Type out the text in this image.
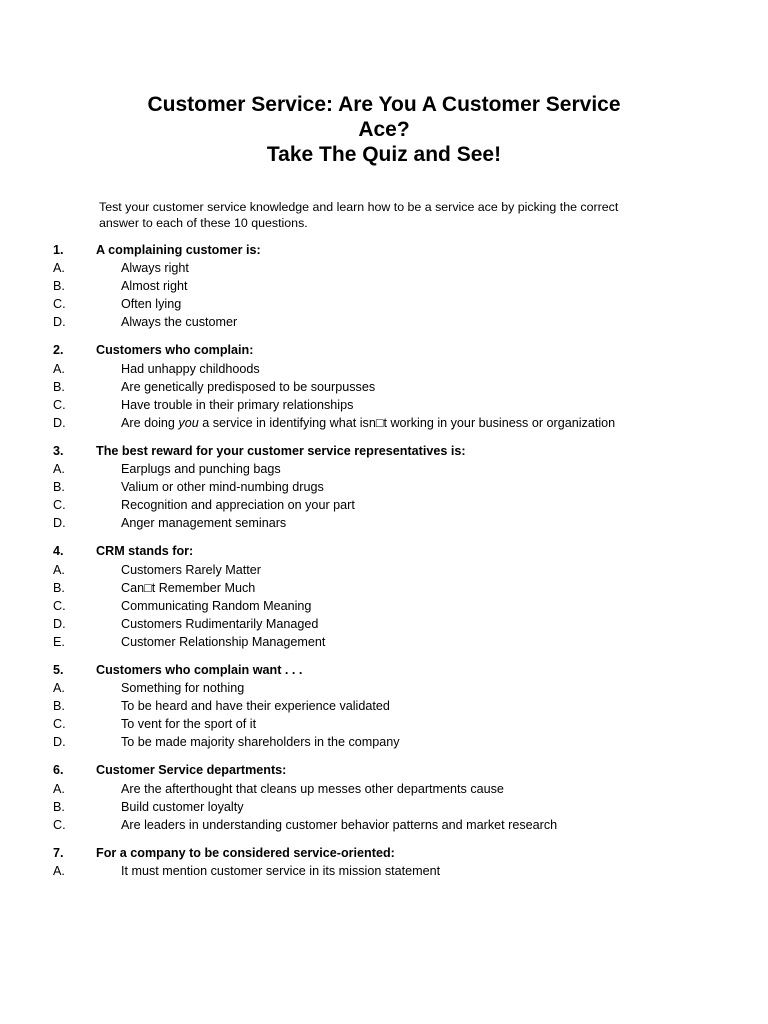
Customer Service: Are You A Customer Service
Ace?
Take The Quiz and See!

Test your customer service knowledge and learn how to be a service ace by picking the correct
answer to each of these 10 questions.

1.	A complaining customer is:
A.	Always right
B.	Almost right
C.	Often lying
D.	Always the customer
2.	Customers who complain:
A.	Had unhappy childhoods
B.	Are genetically predisposed to be sourpusses
C.	Have trouble in their primary relationships
D.	Are doing you a service in identifying what isn□t working in your business or organization
3.	The best reward for your customer service representatives is:
A.	Earplugs and punching bags
B.	Valium or other mind-numbing drugs
C.	Recognition and appreciation on your part
D.	Anger management seminars
4.	CRM stands for:
A.	Customers Rarely Matter
B.	Can□t Remember Much
C.	Communicating Random Meaning
D.	Customers Rudimentarily Managed
E.	Customer Relationship Management
5.	Customers who complain want . . .
A.	Something for nothing
B.	To be heard and have their experience validated
C.	To vent for the sport of it
D.	To be made majority shareholders in the company
6.	Customer Service departments:
A.	Are the afterthought that cleans up messes other departments cause
B.	Build customer loyalty
C.	Are leaders in understanding customer behavior patterns and market research
7.	For a company to be considered service-oriented:
A.	It must mention customer service in its mission statement
